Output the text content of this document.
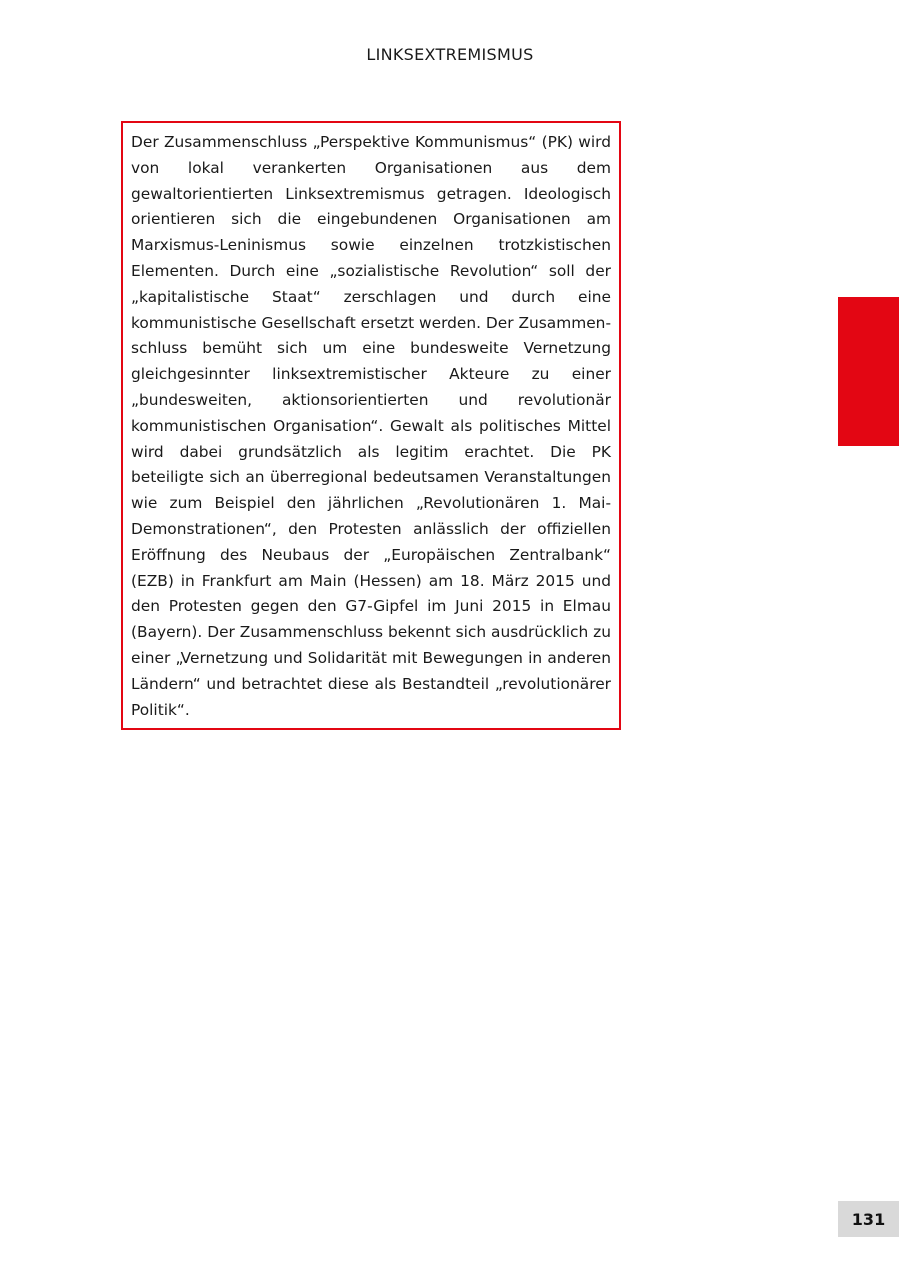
LINKSEXTREMISMUS

Der Zusammenschluss „Perspektive Kommunismus“ (PK) wird von lokal verankerten Organisationen aus dem gewaltorientierten Linksextremismus getragen. Ideologisch orientieren sich die eingebundenen Organisationen am Marxismus-Leninismus sowie einzelnen trotzkistischen Elementen. Durch eine „sozialistische Revolution“ soll der „kapitalistische Staat“ zerschlagen und durch eine kommunistische Gesellschaft ersetzt werden. Der Zusammenschluss bemüht sich um eine bundesweite Vernetzung gleichgesinnter linksextremistischer Akteure zu einer „bundesweiten, aktionsorientierten und revolutionär kommunistischen Organisation“. Gewalt als politisches Mittel wird dabei grundsätzlich als legitim erachtet. Die PK beteiligte sich an überregional bedeutsamen Veranstaltungen wie zum Beispiel den jährlichen „Revolutionären 1. Mai-Demonstrationen“, den Protesten anlässlich der offiziellen Eröffnung des Neubaus der „Europäischen Zentralbank“ (EZB) in Frankfurt am Main (Hessen) am 18. März 2015 und den Protesten gegen den G7-Gipfel im Juni 2015 in Elmau (Bayern). Der Zusammenschluss bekennt sich ausdrücklich zu einer „Vernetzung und Solidarität mit Bewegungen in anderen Ländern“ und betrachtet diese als Bestandteil „revolutionärer Politik“.

131
